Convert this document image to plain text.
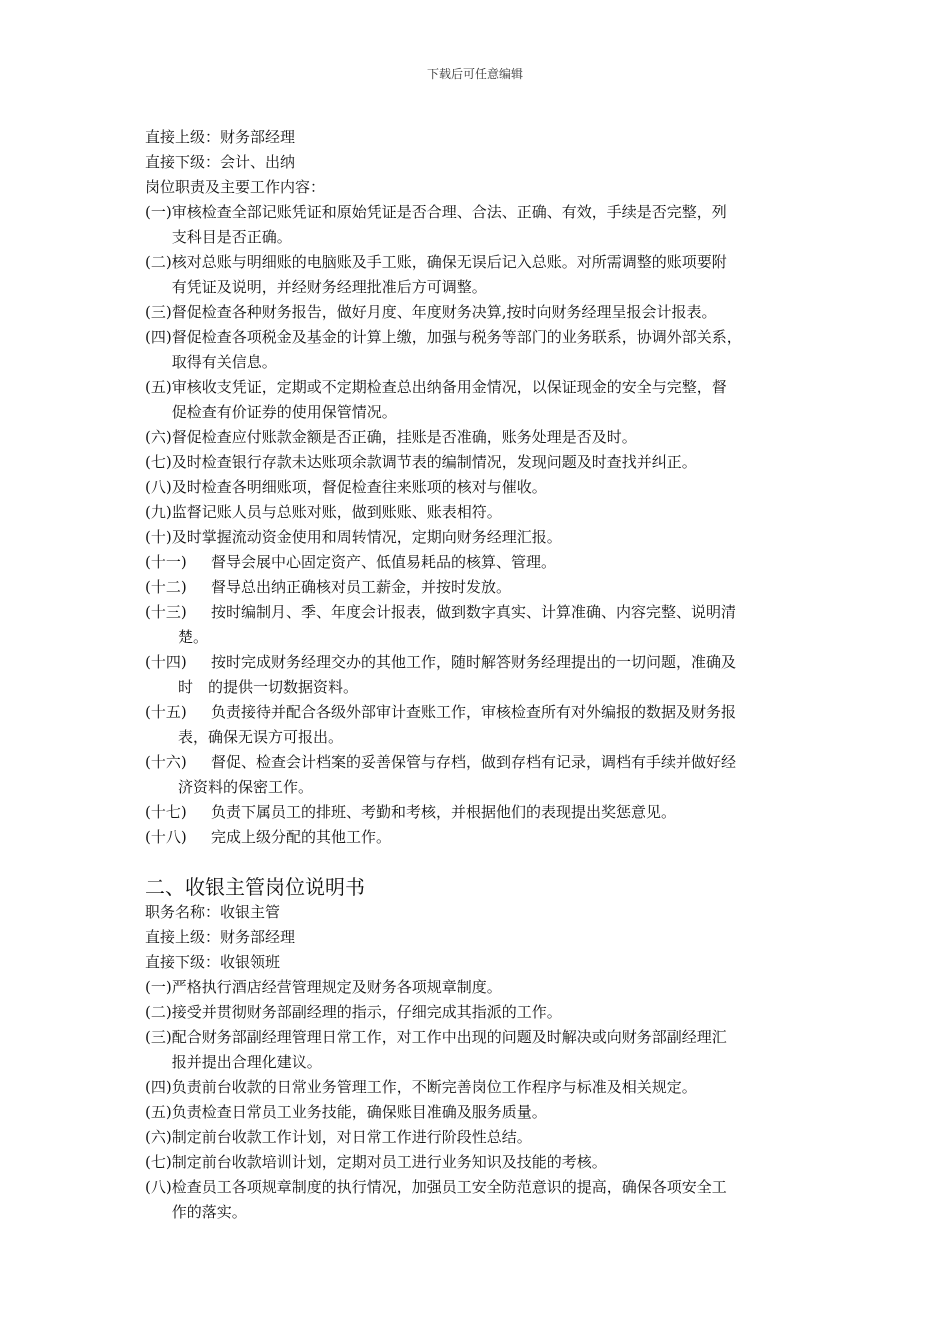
下载后可任意编辑
直接上级：财务部经理
直接下级：会计、出纳
岗位职责及主要工作内容：
(一) 审核检查全部记账凭证和原始凭证是否合理、合法、正确、有效，手续是否完整，列
支科目是否正确。
(二) 核对总账与明细账的电脑账及手工账，确保无误后记入总账。对所需调整的账项要附
有凭证及说明，并经财务经理批准后方可调整。
(三) 督促检查各种财务报告，做好月度、年度财务决算,按时向财务经理呈报会计报表。
(四) 督促检查各项税金及基金的计算上缴，加强与税务等部门的业务联系，协调外部关系，
取得有关信息。
(五) 审核收支凭证，定期或不定期检查总出纳备用金情况，以保证现金的安全与完整，督
促检查有价证券的使用保管情况。
(六) 督促检查应付账款金额是否正确，挂账是否准确，账务处理是否及时。
(七) 及时检查银行存款未达账项余款调节表的编制情况，发现问题及时查找并纠正。
(八) 及时检查各明细账项，督促检查往来账项的核对与催收。
(九) 监督记账人员与总账对账，做到账账、账表相符。
(十) 及时掌握流动资金使用和周转情况，定期向财务经理汇报。
(十一)	督导会展中心固定资产、低值易耗品的核算、管理。
(十二)	督导总出纳正确核对员工薪金，并按时发放。
(十三)	按时编制月、季、年度会计报表，做到数字真实、计算准确、内容完整、说明清
楚。
(十四)	按时完成财务经理交办的其他工作，随时解答财务经理提出的一切问题，准确及
时　的提供一切数据资料。
(十五)	负责接待并配合各级外部审计查账工作，审核检查所有对外编报的数据及财务报
表，确保无误方可报出。
(十六)	督促、检查会计档案的妥善保管与存档，做到存档有记录，调档有手续并做好经
济资料的保密工作。
(十七)	负责下属员工的排班、考勤和考核，并根据他们的表现提出奖惩意见。
(十八)	完成上级分配的其他工作。
二、收银主管岗位说明书
职务名称：收银主管
直接上级：财务部经理
直接下级：收银领班
(一) 严格执行酒店经营管理规定及财务各项规章制度。
(二) 接受并贯彻财务部副经理的指示，仔细完成其指派的工作。
(三) 配合财务部副经理管理日常工作，对工作中出现的问题及时解决或向财务部副经理汇
报并提出合理化建议。
(四) 负责前台收款的日常业务管理工作，不断完善岗位工作程序与标准及相关规定。
(五) 负责检查日常员工业务技能，确保账目准确及服务质量。
(六) 制定前台收款工作计划，对日常工作进行阶段性总结。
(七) 制定前台收款培训计划，定期对员工进行业务知识及技能的考核。
(八) 检查员工各项规章制度的执行情况，加强员工安全防范意识的提高，确保各项安全工
作的落实。
